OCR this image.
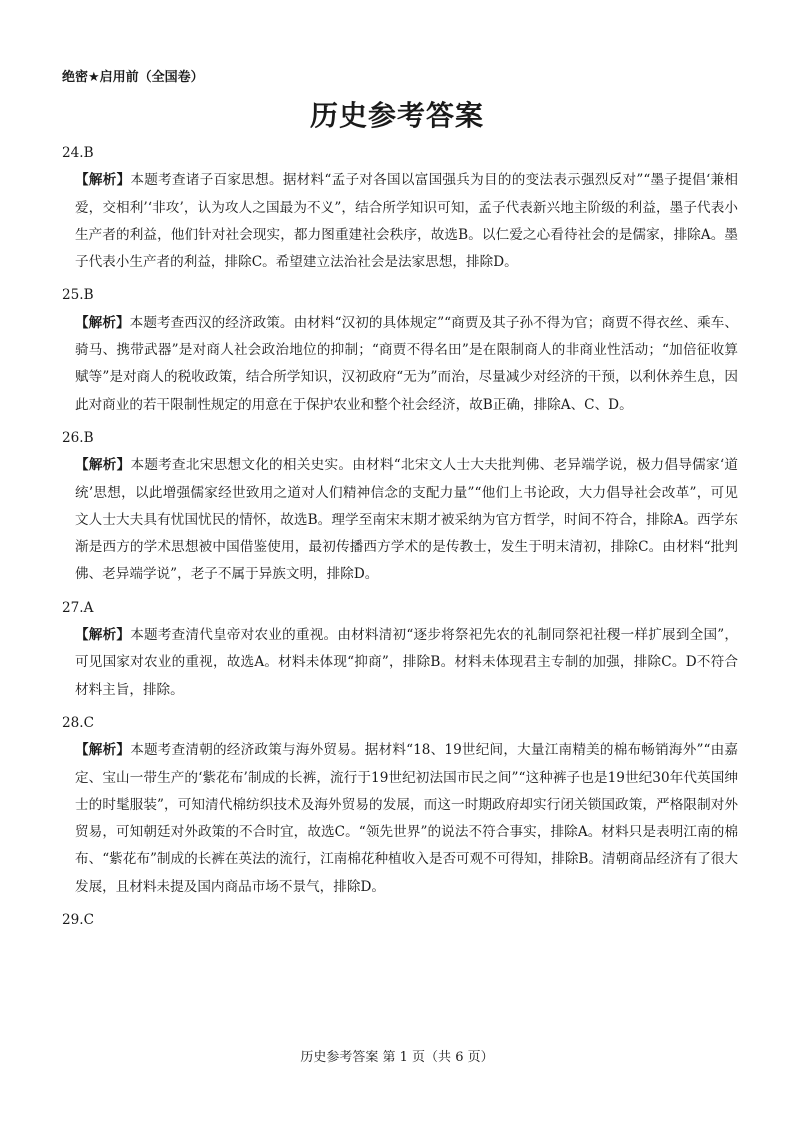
绝密★启用前（全国卷）
历史参考答案
24.B

【解析】本题考查诸子百家思想。据材料“孟子对各国以富国强兵为目的的变法表示强烈反对”“墨子提倡‘兼相爱，交相利’‘非攻’，认为攻人之国最为不义”，结合所学知识可知，孟子代表新兴地主阶级的利益，墨子代表小生产者的利益，他们针对社会现实，都力图重建社会秩序，故选B。以仁爱之心看待社会的是儒家，排除A。墨子代表小生产者的利益，排除C。希望建立法治社会是法家思想，排除D。

25.B

【解析】本题考查西汉的经济政策。由材料“汉初的具体规定”“商贾及其子孙不得为官；商贾不得衣丝、乘车、骑马、携带武器”是对商人社会政治地位的抑制；“商贾不得名田”是在限制商人的非商业性活动；“加倍征收算赋等”是对商人的税收政策，结合所学知识，汉初政府“无为”而治，尽量减少对经济的干预，以利休养生息，因此对商业的若干限制性规定的用意在于保护农业和整个社会经济，故B正确，排除A、C、D。

26.B

【解析】本题考查北宋思想文化的相关史实。由材料“北宋文人士大夫批判佛、老异端学说，极力倡导儒家‘道统’思想，以此增强儒家经世致用之道对人们精神信念的支配力量”“他们上书论政，大力倡导社会改革”，可见文人士大夫具有忧国忧民的情怀，故选B。理学至南宋末期才被采纳为官方哲学，时间不符合，排除A。西学东渐是西方的学术思想被中国借鉴使用，最初传播西方学术的是传教士，发生于明末清初，排除C。由材料“批判佛、老异端学说”，老子不属于异族文明，排除D。

27.A

【解析】本题考查清代皇帝对农业的重视。由材料清初“逐步将祭祀先农的礼制同祭祀社稷一样扩展到全国”，可见国家对农业的重视，故选A。材料未体现“抑商”，排除B。材料未体现君主专制的加强，排除C。D不符合材料主旨，排除。

28.C

【解析】本题考查清朝的经济政策与海外贸易。据材料“18、19世纪间，大量江南精美的棉布畅销海外”“由嘉定、宝山一带生产的‘紫花布’制成的长裤，流行于19世纪初法国市民之间”“这种裤子也是19世纪30年代英国绅士的时髦服装”，可知清代棉纺织技术及海外贸易的发展，而这一时期政府却实行闭关锁国政策，严格限制对外贸易，可知朝廷对外政策的不合时宜，故选C。“领先世界”的说法不符合事实，排除A。材料只是表明江南的棉布、“紫花布”制成的长裤在英法的流行，江南棉花种植收入是否可观不可得知，排除B。清朝商品经济有了很大发展，且材料未提及国内商品市场不景气，排除D。

29.C
历史参考答案 第 1 页（共 6 页）
